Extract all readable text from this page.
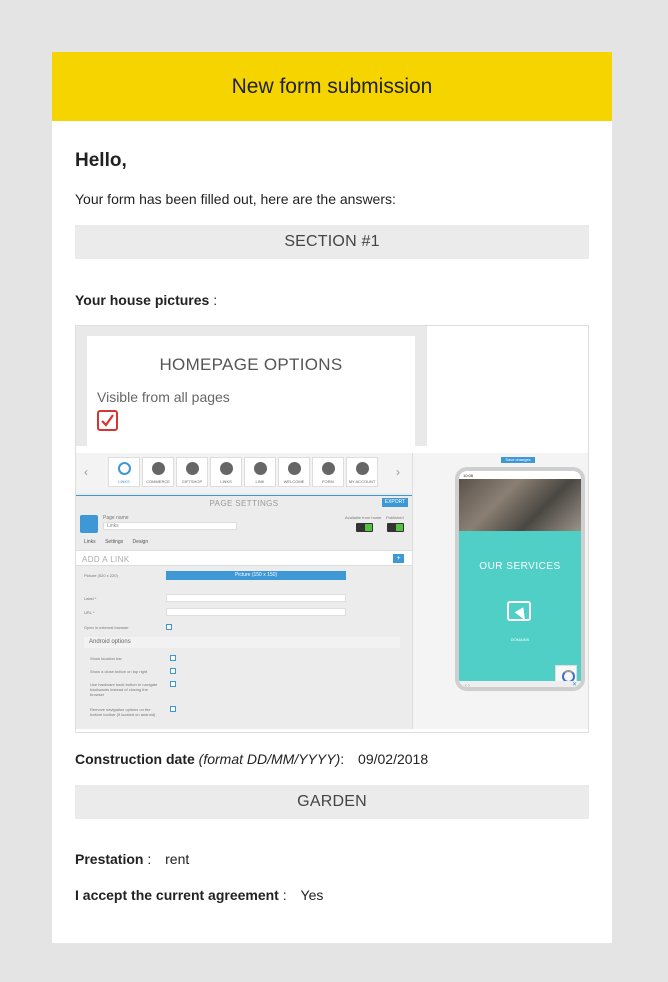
New form submission
Hello,
Your form has been filled out, here are the answers:
SECTION #1
Your house pictures :
HOMEPAGE OPTIONS
Visible from all pages
‹
LINKS	COMMERCE	GIFTSHOP	LINKS	LINK	WELCOME	FORM	MY ACCOUNT
›
PAGE SETTINGS	EXPORT
Page name
Links
Available from home Published
Links Settings Design
ADD A LINK	+
Picture (520 x 220)	Picture (150 x 150)
Label *
URL *
Open in external browser
Android options
Show location bar
Show a close button on top right
Use hardware back button to navigate backwards instead of closing the browser
Remove navigation options on the bottom toolbar (if located on android)
Save changes
10:08
OUR SERVICES
DOMAINS
‹ ›	✕
Construction date (format DD/MM/YYYY): 09/02/2018
GARDEN
Prestation : rent
I accept the current agreement : Yes
